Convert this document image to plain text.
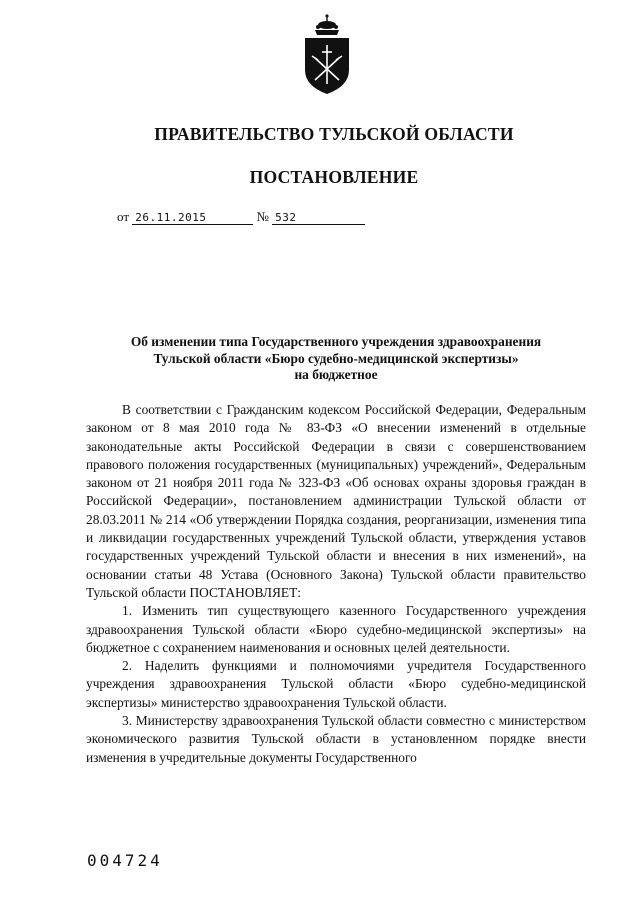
ПРАВИТЕЛЬСТВО ТУЛЬСКОЙ ОБЛАСТИ
ПОСТАНОВЛЕНИЕ
от 26.11.2015	№ 532
Об изменении типа Государственного учреждения здравоохранения
Тульской области «Бюро судебно-медицинской экспертизы»
на бюджетное

В соответствии с Гражданским кодексом Российской Федерации, Федеральным законом от 8 мая 2010 года № 83-ФЗ «О внесении изменений в отдельные законодательные акты Российской Федерации в связи с совершенствованием правового положения государственных (муниципальных) учреждений», Федеральным законом от 21 ноября 2011 года № 323-ФЗ «Об основах охраны здоровья граждан в Российской Федерации», постановлением администрации Тульской области от 28.03.2011 № 214 «Об утверждении Порядка создания, реорганизации, изменения типа и ликвидации государственных учреждений Тульской области, утверждения уставов государственных учреждений Тульской области и внесения в них изменений», на основании статьи 48 Устава (Основного Закона) Тульской области правительство Тульской области ПОСТАНОВЛЯЕТ:

1. Изменить тип существующего казенного Государственного учреждения здравоохранения Тульской области «Бюро судебно-медицинской экспертизы» на бюджетное с сохранением наименования и основных целей деятельности.

2. Наделить функциями и полномочиями учредителя Государственного учреждения здравоохранения Тульской области «Бюро судебно-медицинской экспертизы» министерство здравоохранения Тульской области.

3. Министерству здравоохранения Тульской области совместно с министерством экономического развития Тульской области в установленном порядке внести изменения в учредительные документы Государственного

004724
